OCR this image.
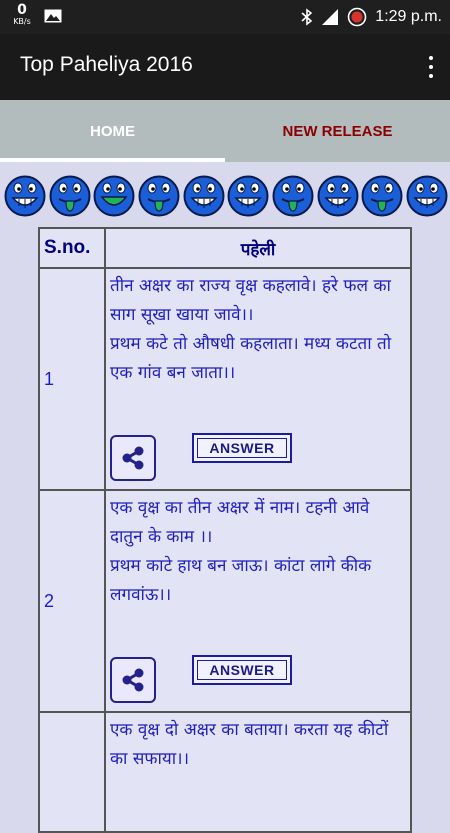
0
KB/s	1:29 p.m.
Top Paheliya 2016
HOME	NEW RELEASE
S.no.	पहेली
1	तीन अक्षर का राज्य वृक्ष कहलावे। हरे फल का साग सूखा खाया जावे।।
प्रथम कटे तो औषधी कहलाता। मध्य कटता तो एक गांव बन जाता।।
ANSWER

2	एक वृक्ष का तीन अक्षर में नाम। टहनी आवे दातुन के काम ।।
प्रथम काटे हाथ बन जाऊ। कांटा लागे कीक लगवांऊ।।
ANSWER

	एक वृक्ष दो अक्षर का बताया। करता यह कीटों का सफाया।।
